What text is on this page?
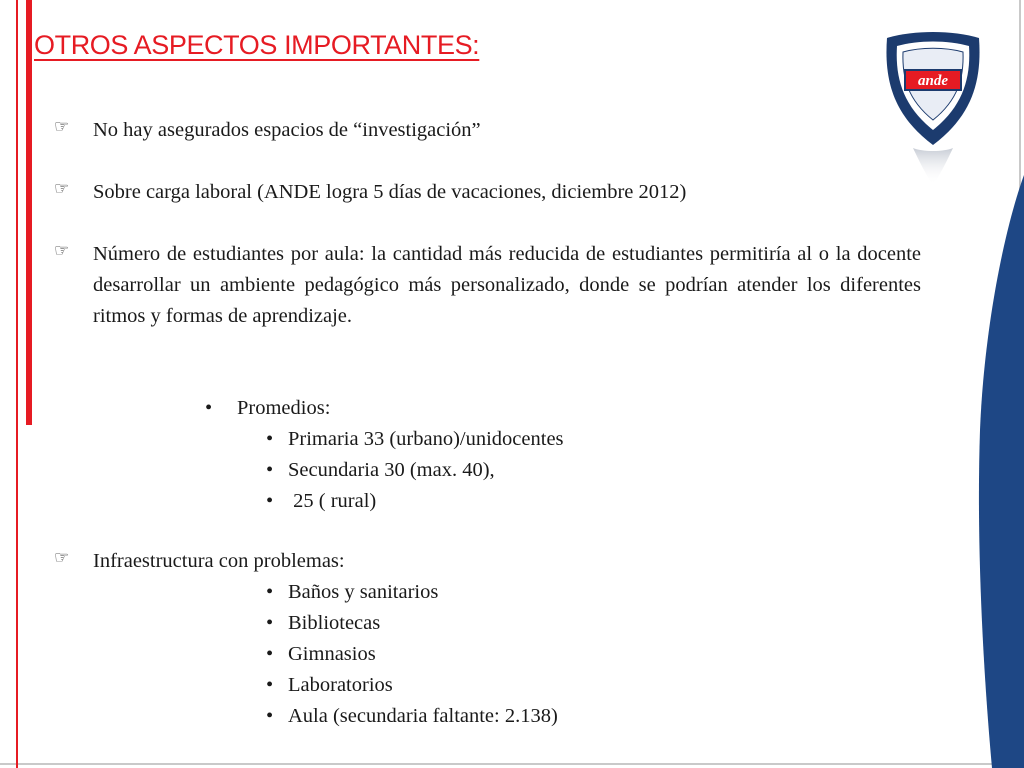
ande
OTROS ASPECTOS IMPORTANTES:
☞ No hay asegurados espacios de “investigación”
☞ Sobre carga laboral (ANDE logra 5 días de vacaciones, diciembre 2012)
☞ Número de estudiantes por aula: la cantidad más reducida de estudiantes permitiría al o la docente desarrollar un ambiente pedagógico más personalizado, donde se podrían atender los diferentes ritmos y formas de aprendizaje.
• Promedios:
• Primaria 33 (urbano)/unidocentes
• Secundaria 30 (max. 40),
• 25 ( rural)
☞ Infraestructura con problemas:
• Baños y sanitarios
• Bibliotecas
• Gimnasios
• Laboratorios
• Aula (secundaria faltante: 2.138)
